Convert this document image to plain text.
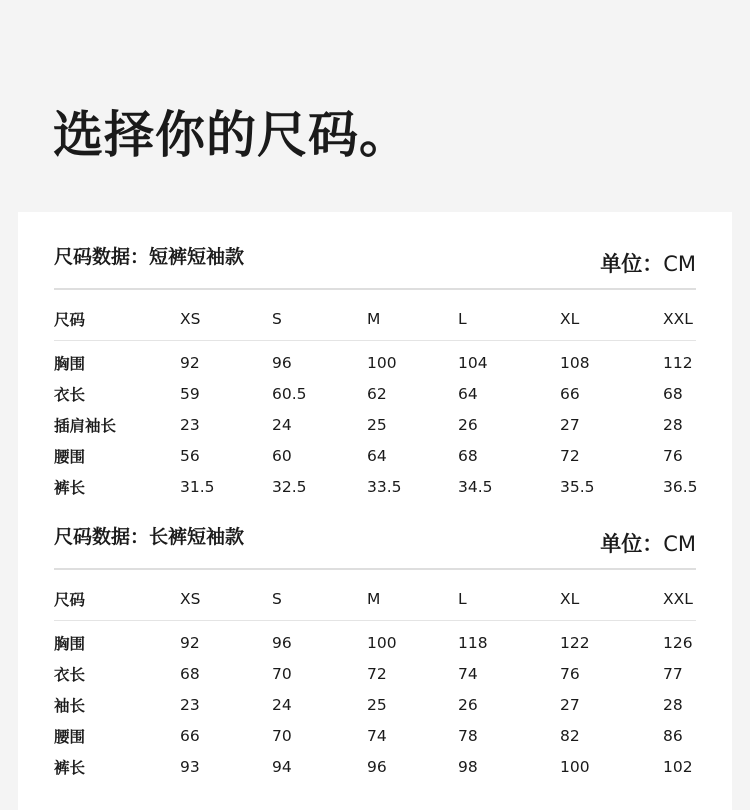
选择你的尺码。
尺码数据：短裤短袖款	单位：CM
尺码	XS	S	M	L	XL	XXL
胸围	92	96	100	104	108	112
衣长	59	60.5	62	64	66	68
插肩袖长	23	24	25	26	27	28
腰围	56	60	64	68	72	76
裤长	31.5	32.5	33.5	34.5	35.5	36.5
尺码数据：长裤短袖款	单位：CM
尺码	XS	S	M	L	XL	XXL
胸围	92	96	100	118	122	126
衣长	68	70	72	74	76	77
袖长	23	24	25	26	27	28
腰围	66	70	74	78	82	86
裤长	93	94	96	98	100	102
